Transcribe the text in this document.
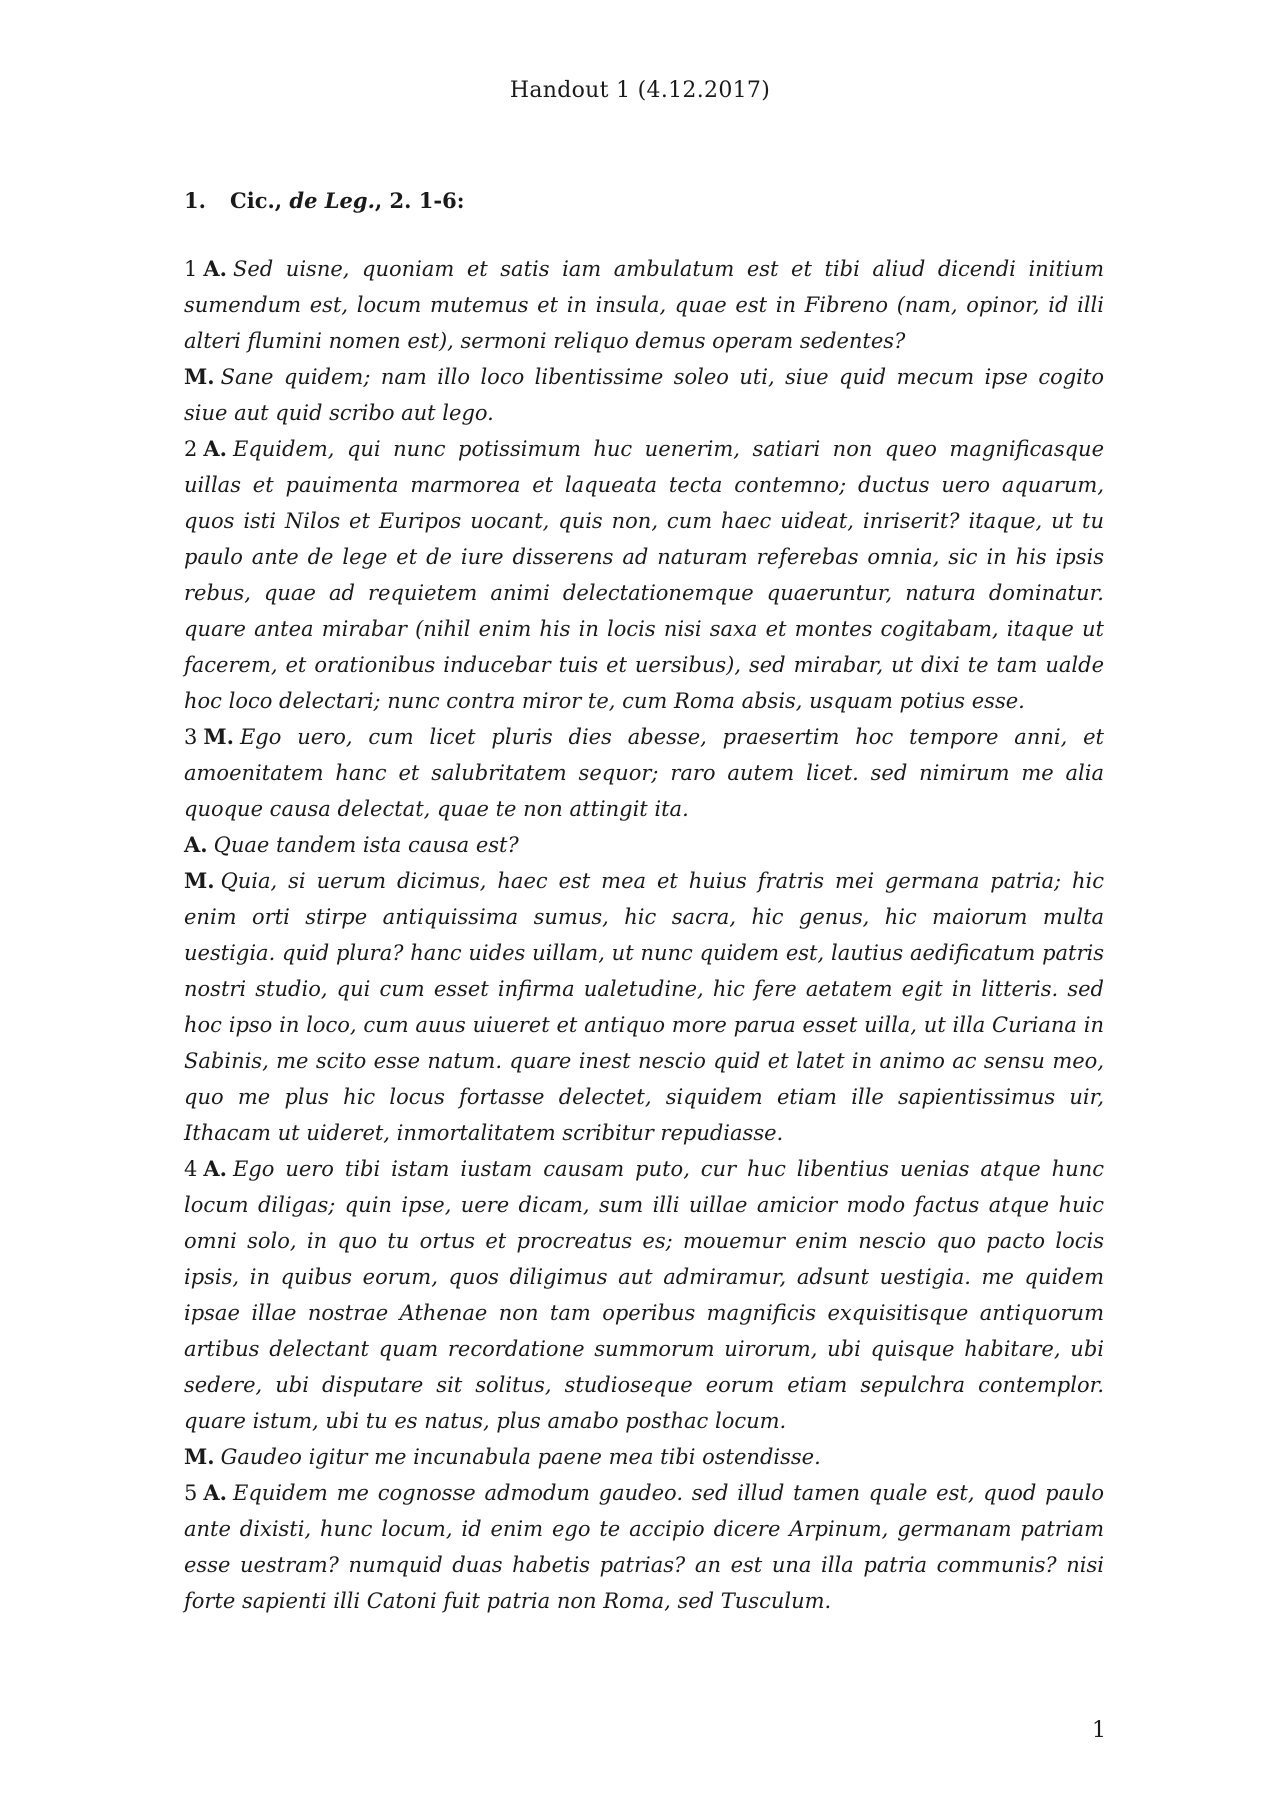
Handout 1 (4.12.2017)
1. Cic., de Leg., 2. 1-6:

1 A. Sed uisne, quoniam et satis iam ambulatum est et tibi aliud dicendi initium sumendum est, locum mutemus et in insula, quae est in Fibreno (nam, opinor, id illi alteri flumini nomen est), sermoni reliquo demus operam sedentes?

M. Sane quidem; nam illo loco libentissime soleo uti, siue quid mecum ipse cogito siue aut quid scribo aut lego.

2 A. Equidem, qui nunc potissimum huc uenerim, satiari non queo magnificasque uillas et pauimenta marmorea et laqueata tecta contemno; ductus uero aquarum, quos isti Nilos et Euripos uocant, quis non, cum haec uideat, inriserit? itaque, ut tu paulo ante de lege et de iure disserens ad naturam referebas omnia, sic in his ipsis rebus, quae ad requietem animi delectationemque quaeruntur, natura dominatur. quare antea mirabar (nihil enim his in locis nisi saxa et montes cogitabam, itaque ut facerem, et orationibus inducebar tuis et uersibus), sed mirabar, ut dixi te tam ualde hoc loco delectari; nunc contra miror te, cum Roma absis, usquam potius esse.

3 M. Ego uero, cum licet pluris dies abesse, praesertim hoc tempore anni, et amoenitatem hanc et salubritatem sequor; raro autem licet. sed nimirum me alia quoque causa delectat, quae te non attingit ita.

A. Quae tandem ista causa est?

M. Quia, si uerum dicimus, haec est mea et huius fratris mei germana patria; hic enim orti stirpe antiquissima sumus, hic sacra, hic genus, hic maiorum multa uestigia. quid plura? hanc uides uillam, ut nunc quidem est, lautius aedificatum patris nostri studio, qui cum esset infirma ualetudine, hic fere aetatem egit in litteris. sed hoc ipso in loco, cum auus uiueret et antiquo more parua esset uilla, ut illa Curiana in Sabinis, me scito esse natum. quare inest nescio quid et latet in animo ac sensu meo, quo me plus hic locus fortasse delectet, siquidem etiam ille sapientissimus uir, Ithacam ut uideret, inmortalitatem scribitur repudiasse.

4 A. Ego uero tibi istam iustam causam puto, cur huc libentius uenias atque hunc locum diligas; quin ipse, uere dicam, sum illi uillae amicior modo factus atque huic omni solo, in quo tu ortus et procreatus es; mouemur enim nescio quo pacto locis ipsis, in quibus eorum, quos diligimus aut admiramur, adsunt uestigia. me quidem ipsae illae nostrae Athenae non tam operibus magnificis exquisitisque antiquorum artibus delectant quam recordatione summorum uirorum, ubi quisque habitare, ubi sedere, ubi disputare sit solitus, studioseque eorum etiam sepulchra contemplor. quare istum, ubi tu es natus, plus amabo posthac locum.

M. Gaudeo igitur me incunabula paene mea tibi ostendisse.

5 A. Equidem me cognosse admodum gaudeo. sed illud tamen quale est, quod paulo ante dixisti, hunc locum, id enim ego te accipio dicere Arpinum, germanam patriam esse uestram? numquid duas habetis patrias? an est una illa patria communis? nisi forte sapienti illi Catoni fuit patria non Roma, sed Tusculum.

1
